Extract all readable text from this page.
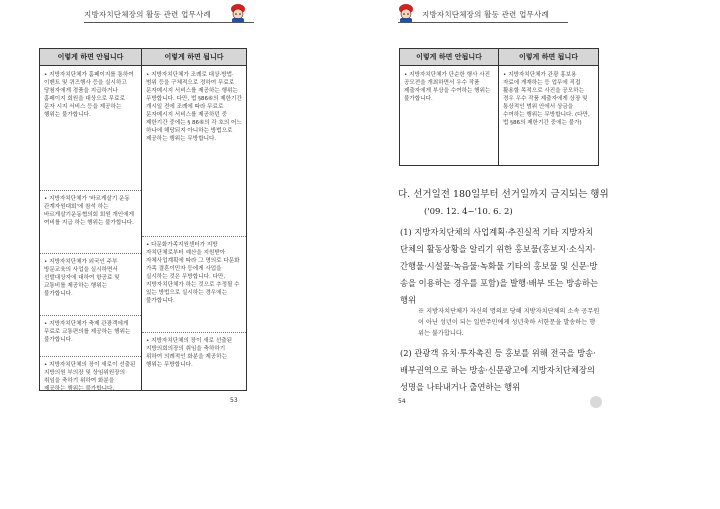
지방자치단체장의 활동 관련 업무사례
이렇게 하면 안됩니다
• 지방자치단체가 홈페이지를 통하여 이벤트 및 퀴즈행사 등을 실시하고 당첨자에게 경품을 지급하거나 홈페이지 회원을 대상으로 무료로 문자 시지 서비스 등을 제공하는 행위는 불가합니다.
• 지방자치단체가 '바르게살기 운동 관계자원대회'에 참석 하는 바르게살기운동협의회 회원 개인에게 여비를 지급 하는 행위는 불가합니다.
• 지방자치단체가 외국인 주부 방문교육의 사업을 실시하면서 선발대상자에 대하여 항공료 및 교통비를 제공하는 행위는 불가합니다.
• 지방자치단체가 축제 관광객에게 무료로 교통편의를 제공하는 행위는 불가합니다.
• 지방자치단체의 장이 새로이 선출된 지방의원 부의장 및 상임위원장의 취임을 축하기 위하여 화분을 제공하는 행위는 불가합니다.
이렇게 하면 됩니다
• 지방자치단체가 조례로 대상·방법·범위 등을 구체적으로 정하여 무료로 문자메시지 서비스를 제공하는 행위는 무방합니다. 다만, 법 §86⑥의 제한기간 개시일 전에 조례에 따라 무료로 문자메시지 서비스를 제공하던 중 제한기간 중에는 § 86⑥의 각 호의 어느 하나에 해당되지 아니하는 방법으로 제공하는 행위는 무방합니다.
• 다문화가족지원센터가 지방 자치단체로부터 예산을 지원받아 자체사업계획에 따라 그 명의로 다문화 가족 결혼이민자 등에게 사업을 실시하는 것은 무방합니다. 다만, 지방자치단체가 하는 것으로 추정될 수 있는 방법으로 실시하는 경우에는 불가합니다.
• 지방자치단체의 장이 새로 선출된 지방의회의장의 취임을 축하하기 위하여 의례적인 화분을 제공하는 행위는 무방합니다.
53
지방자치단체장의 활동 관련 업무사례
이렇게 하면 안됩니다
• 지방자치단체가 단순한 행사 사진 공모전을 개최하면서 우수 작품 제출자에게 부상을 수여하는 행위는 불가합니다.
이렇게 하면 됩니다
• 지방자치단체가 관광 홍보용 자료에 게재하는 등 업무에 직접 활용할 목적으로 사진을 공모하는 경우 우수 작품 제출자에게 상장 및 통상적인 범위 안에서 상금을 수여하는 행위는 무방합니다. (다만, 법 §86의 제한기간 중에는 불가)
다. 선거일전 180일부터 선거일까지 금지되는 행위
('09. 12. 4~'10. 6. 2)
(1) 지방자치단체의 사업계획·추진실적 기타 지방자치단체의 활동상황을 알리기 위한 홍보물(홍보지·소식지·간행물·시설물·녹음물·녹화물 기타의 홍보물 및 신문·방송을 이용하는 경우를 포함)을 발행·배부 또는 방송하는 행위
※ 지방자치단체가 자신의 명의로 당해 지방자치단체의 소속 공무원이 아닌 성년이 되는 일반주민에게 성년축하 서한문을 발송하는 행위는 불가합니다.
(2) 관광객 유치·투자촉진 등 홍보를 위해 전국을 방송·배부권역으로 하는 방송·신문광고에 지방자치단체장의 성명을 나타내거나 출연하는 행위
54
